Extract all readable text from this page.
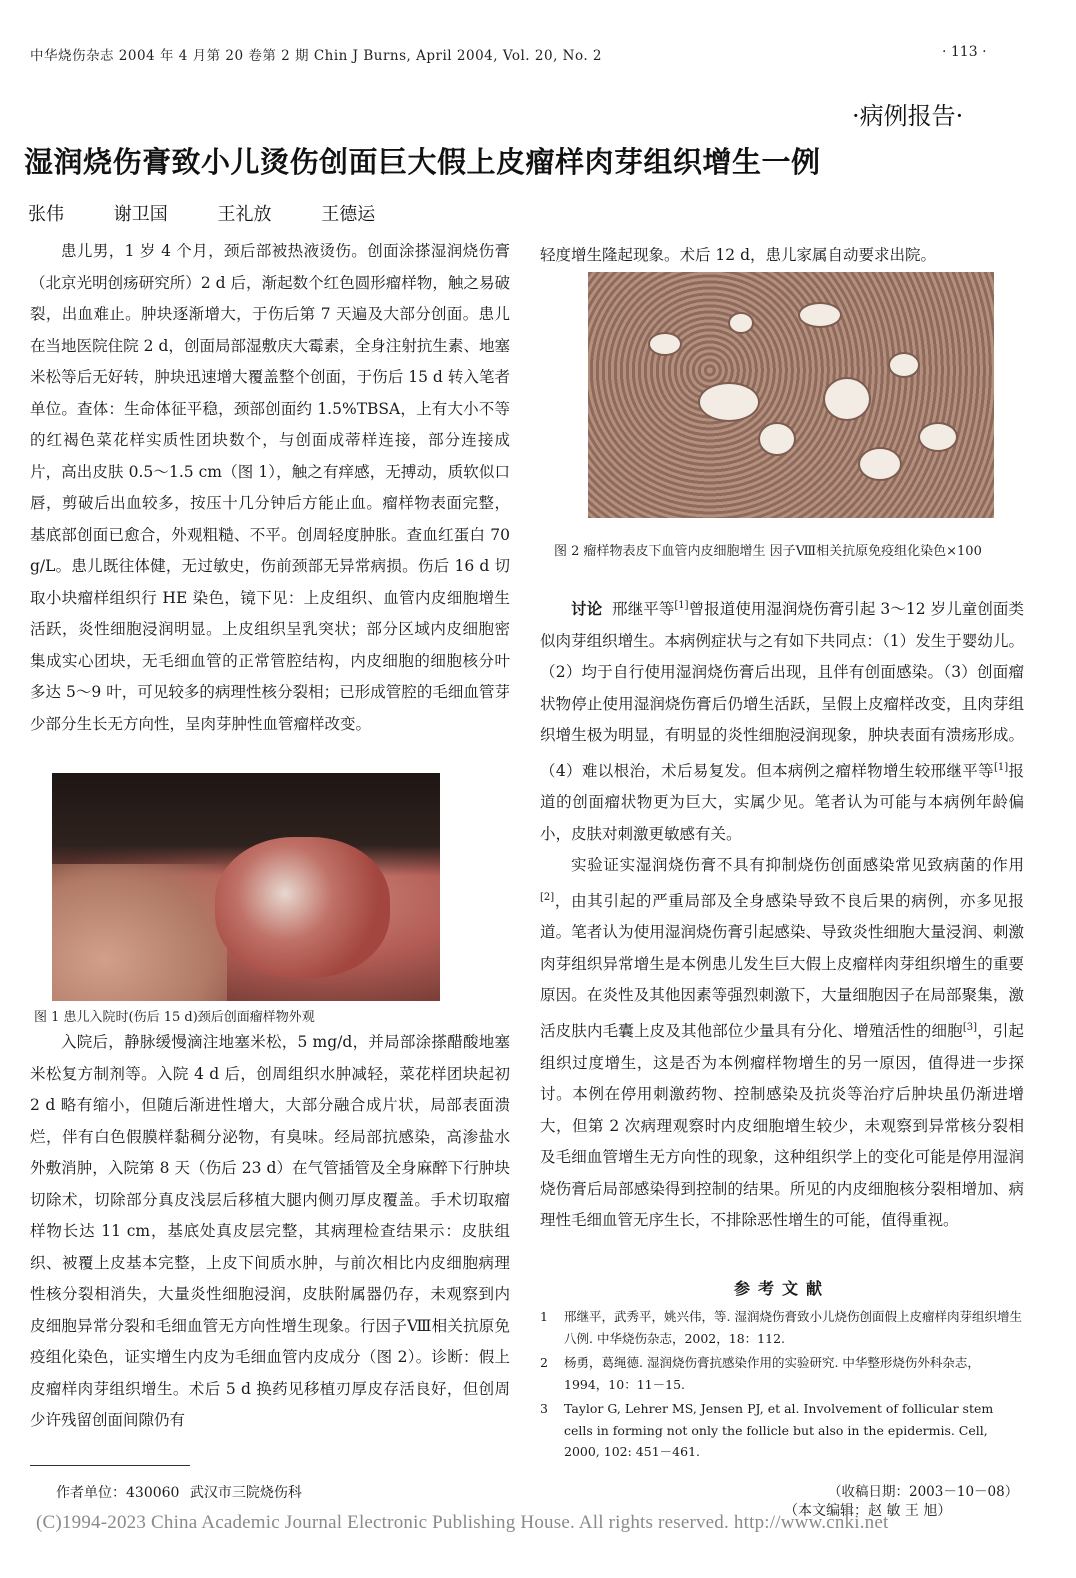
中华烧伤杂志 2004 年 4 月第 20 卷第 2 期 Chin J Burns, April 2004, Vol. 20, No. 2	· 113 ·
·病例报告·
湿润烧伤膏致小儿烫伤创面巨大假上皮瘤样肉芽组织增生一例
张伟	谢卫国	王礼放	王德运

患儿男，1 岁 4 个月，颈后部被热液烫伤。创面涂搽湿润烧伤膏（北京光明创疡研究所）2 d 后，渐起数个红色圆形瘤样物，触之易破裂，出血难止。肿块逐渐增大，于伤后第 7 天遍及大部分创面。患儿在当地医院住院 2 d，创面局部湿敷庆大霉素，全身注射抗生素、地塞米松等后无好转，肿块迅速增大覆盖整个创面，于伤后 15 d 转入笔者单位。查体：生命体征平稳，颈部创面约 1.5%TBSA，上有大小不等的红褐色菜花样实质性团块数个，与创面成蒂样连接，部分连接成片，高出皮肤 0.5～1.5 cm（图 1），触之有痒感，无搏动，质软似口唇，剪破后出血较多，按压十几分钟后方能止血。瘤样物表面完整，基底部创面已愈合，外观粗糙、不平。创周轻度肿胀。查血红蛋白 70 g/L。患儿既往体健，无过敏史，伤前颈部无异常病损。伤后 16 d 切取小块瘤样组织行 HE 染色，镜下见：上皮组织、血管内皮细胞增生活跃，炎性细胞浸润明显。上皮组织呈乳突状；部分区域内皮细胞密集成实心团块，无毛细血管的正常管腔结构，内皮细胞的细胞核分叶多达 5～9 叶，可见较多的病理性核分裂相；已形成管腔的毛细血管芽少部分生长无方向性，呈肉芽肿性血管瘤样改变。

图 1 患儿入院时(伤后 15 d)颈后创面瘤样物外观

入院后，静脉缓慢滴注地塞米松，5 mg/d，并局部涂搽醋酸地塞米松复方制剂等。入院 4 d 后，创周组织水肿减轻，菜花样团块起初 2 d 略有缩小，但随后渐进性增大，大部分融合成片状，局部表面溃烂，伴有白色假膜样黏稠分泌物，有臭味。经局部抗感染，高渗盐水外敷消肿，入院第 8 天（伤后 23 d）在气管插管及全身麻醉下行肿块切除术，切除部分真皮浅层后移植大腿内侧刃厚皮覆盖。手术切取瘤样物长达 11 cm，基底处真皮层完整，其病理检查结果示：皮肤组织、被覆上皮基本完整，上皮下间质水肿，与前次相比内皮细胞病理性核分裂相消失，大量炎性细胞浸润，皮肤附属器仍存，未观察到内皮细胞异常分裂和毛细血管无方向性增生现象。行因子Ⅷ相关抗原免疫组化染色，证实增生内皮为毛细血管内皮成分（图 2）。诊断：假上皮瘤样肉芽组织增生。术后 5 d 换药见移植刃厚皮存活良好，但创周少许残留创面间隙仍有

轻度增生隆起现象。术后 12 d，患儿家属自动要求出院。

图 2 瘤样物表皮下血管内皮细胞增生 因子Ⅷ相关抗原免疫组化染色×100

讨论 邢继平等[1]曾报道使用湿润烧伤膏引起 3～12 岁儿童创面类似肉芽组织增生。本病例症状与之有如下共同点：（1）发生于婴幼儿。（2）均于自行使用湿润烧伤膏后出现，且伴有创面感染。（3）创面瘤状物停止使用湿润烧伤膏后仍增生活跃，呈假上皮瘤样改变，且肉芽组织增生极为明显，有明显的炎性细胞浸润现象，肿块表面有溃疡形成。（4）难以根治，术后易复发。但本病例之瘤样物增生较邢继平等[1]报道的创面瘤状物更为巨大，实属少见。笔者认为可能与本病例年龄偏小，皮肤对刺激更敏感有关。

实验证实湿润烧伤膏不具有抑制烧伤创面感染常见致病菌的作用[2]，由其引起的严重局部及全身感染导致不良后果的病例，亦多见报道。笔者认为使用湿润烧伤膏引起感染、导致炎性细胞大量浸润、刺激肉芽组织异常增生是本例患儿发生巨大假上皮瘤样肉芽组织增生的重要原因。在炎性及其他因素等强烈刺激下，大量细胞因子在局部聚集，激活皮肤内毛囊上皮及其他部位少量具有分化、增殖活性的细胞[3]，引起组织过度增生，这是否为本例瘤样物增生的另一原因，值得进一步探讨。本例在停用刺激药物、控制感染及抗炎等治疗后肿块虽仍渐进增大，但第 2 次病理观察时内皮细胞增生较少，未观察到异常核分裂相及毛细血管增生无方向性的现象，这种组织学上的变化可能是停用湿润烧伤膏后局部感染得到控制的结果。所见的内皮细胞核分裂相增加、病理性毛细血管无序生长，不排除恶性增生的可能，值得重视。

参考文献
1	邢继平，武秀平，姚兴伟，等. 湿润烧伤膏致小儿烧伤创面假上皮瘤样肉芽组织增生八例. 中华烧伤杂志，2002，18：112.
2	杨勇，葛绳德. 湿润烧伤膏抗感染作用的实验研究. 中华整形烧伤外科杂志，1994，10：11－15.
3	Taylor G, Lehrer MS, Jensen PJ, et al. Involvement of follicular stem cells in forming not only the follicle but also in the epidermis. Cell, 2000, 102: 451－461.
作者单位：430060 武汉市三院烧伤科	（收稿日期：2003－10－08）
（本文编辑：赵 敏 王 旭）
(C)1994-2023 China Academic Journal Electronic Publishing House. All rights reserved. http://www.cnki.net
